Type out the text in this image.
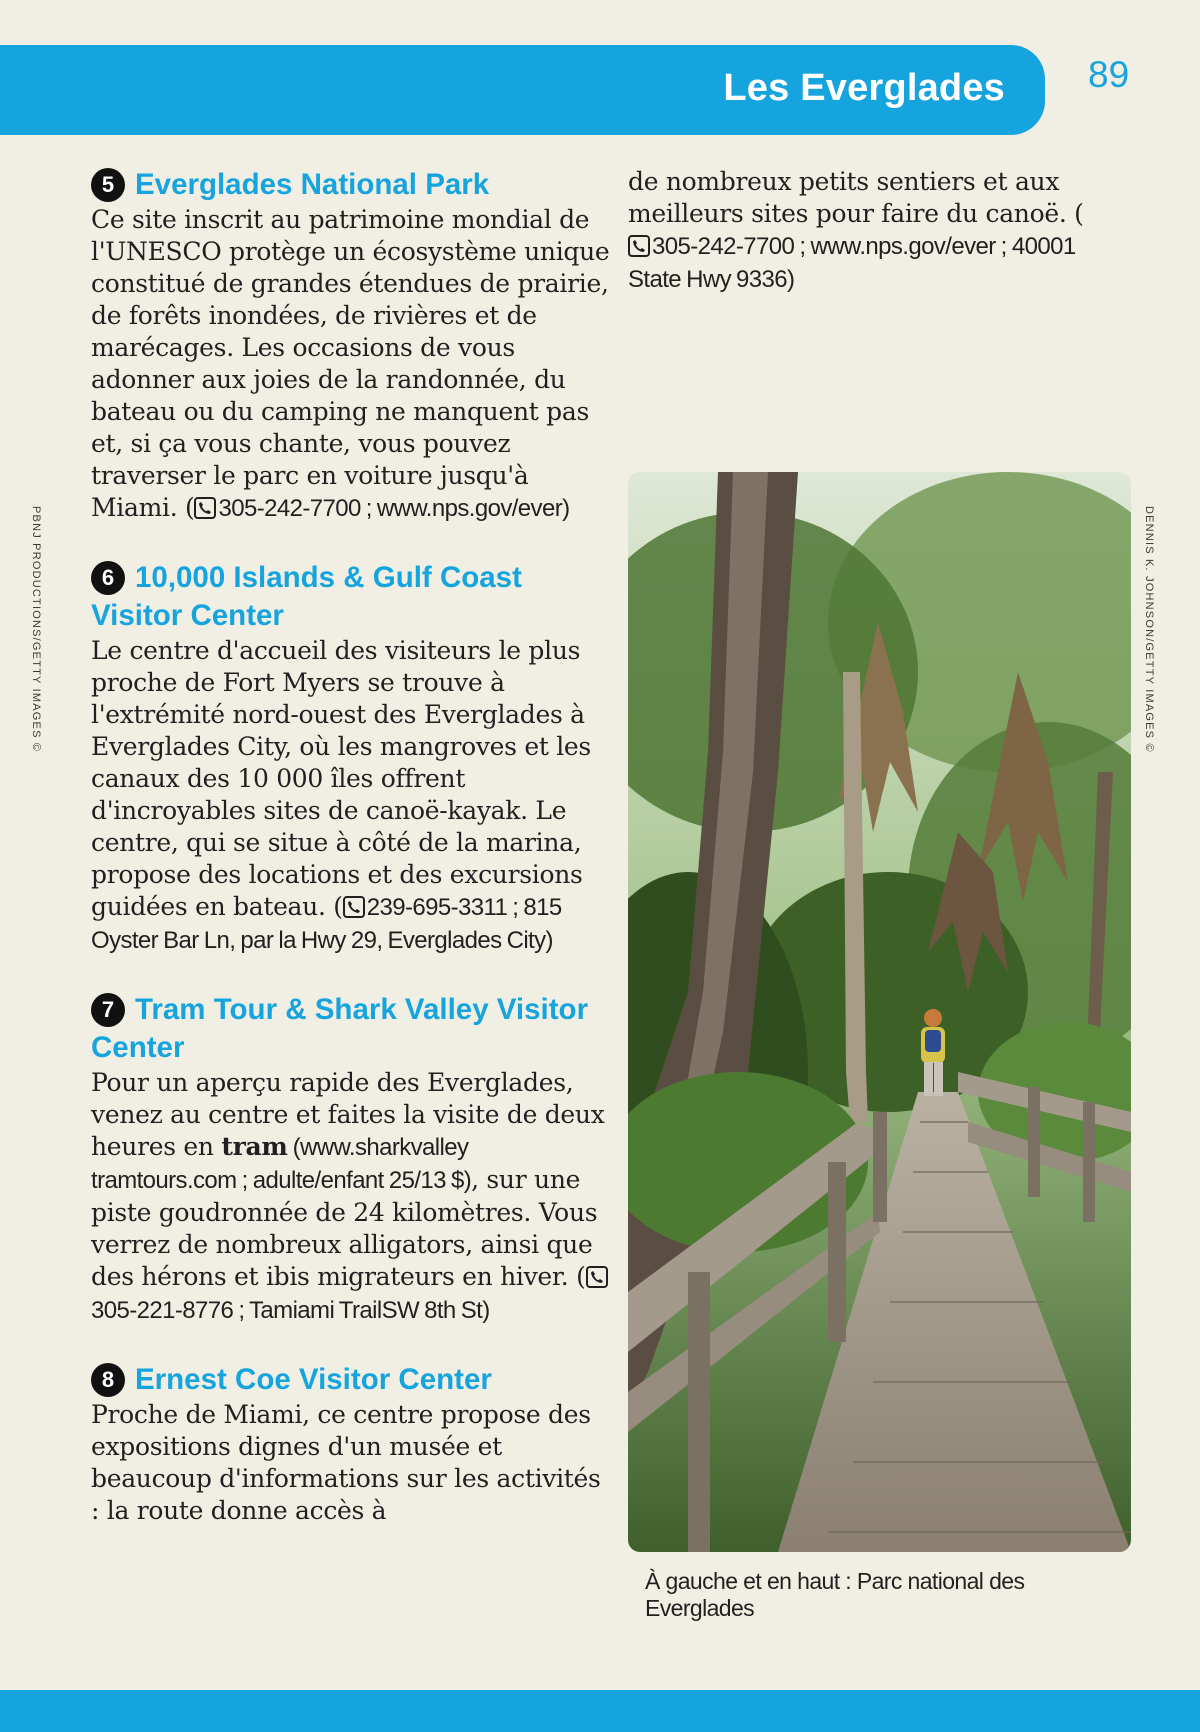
Les Everglades 89
PBNJ PRODUCTIONS/GETTY IMAGES ©	DENNIS K. JOHNSON/GETTY IMAGES ©
5 Everglades National Park
Ce site inscrit au patrimoine mondial de l'UNESCO protège un écosystème unique constitué de grandes étendues de prairie, de forêts inondées, de rivières et de marécages. Les occasions de vous adonner aux joies de la randonnée, du bateau ou du camping ne manquent pas et, si ça vous chante, vous pouvez traverser le parc en voiture jusqu'à Miami. ( 305-242-7700 ; www.nps.gov/ever)
6 10,000 Islands & Gulf Coast Visitor Center
Le centre d'accueil des visiteurs le plus proche de Fort Myers se trouve à l'extrémité nord-ouest des Everglades à Everglades City, où les mangroves et les canaux des 10 000 îles offrent d'incroyables sites de canoë-kayak. Le centre, qui se situe à côté de la marina, propose des locations et des excursions guidées en bateau. ( 239-695-3311 ; 815 Oyster Bar Ln, par la Hwy 29, Everglades City)
7 Tram Tour & Shark Valley Visitor Center
Pour un aperçu rapide des Everglades, venez au centre et faites la visite de deux heures en tram (www.sharkvalley tramtours.com ; adulte/enfant 25/13 $), sur une piste goudronnée de 24 kilomètres. Vous verrez de nombreux alligators, ainsi que des hérons et ibis migrateurs en hiver. (
305-221-8776 ; Tamiami TrailSW 8th St)
8 Ernest Coe Visitor Center
Proche de Miami, ce centre propose des expositions dignes d'un musée et beaucoup d'informations sur les activités : la route donne accès à
de nombreux petits sentiers et aux meilleurs sites pour faire du canoë. (
305-242-7700 ; www.nps.gov/ever ; 40001 State Hwy 9336)
À gauche et en haut : Parc national des Everglades
